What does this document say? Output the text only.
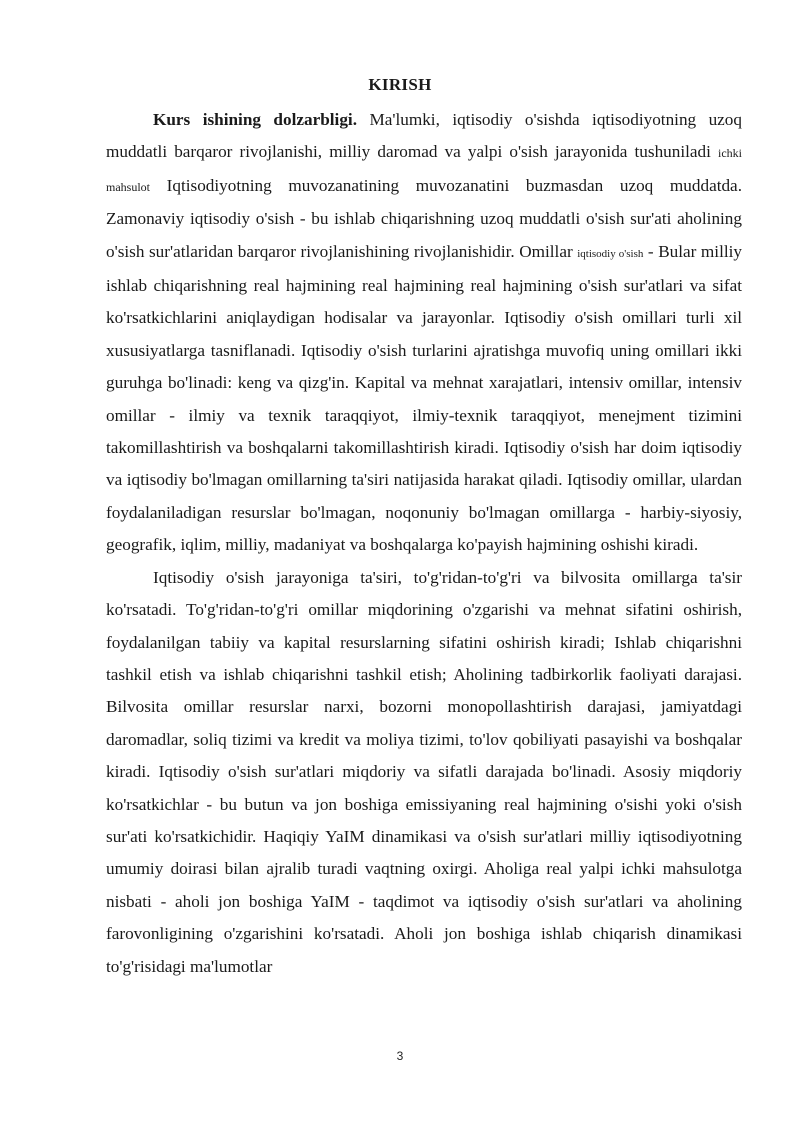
KIRISH

Kurs ishining dolzarbligi. Ma'lumki, iqtisodiy o'sishda iqtisodiyotning uzoq muddatli barqaror rivojlanishi, milliy daromad va yalpi o'sish jarayonida tushuniladi ichki mahsulot Iqtisodiyotning muvozanatining muvozanatini buzmasdan uzoq muddatda. Zamonaviy iqtisodiy o'sish - bu ishlab chiqarishning uzoq muddatli o'sish sur'ati aholining o'sish sur'atlaridan barqaror rivojlanishining rivojlanishidir. Omillar iqtisodiy o'sish - Bular milliy ishlab chiqarishning real hajmining real hajmining real hajmining o'sish sur'atlari va sifat ko'rsatkichlarini aniqlaydigan hodisalar va jarayonlar. Iqtisodiy o'sish omillari turli xil xususiyatlarga tasniflanadi. Iqtisodiy o'sish turlarini ajratishga muvofiq uning omillari ikki guruhga bo'linadi: keng va qizg'in. Kapital va mehnat xarajatlari, intensiv omillar, intensiv omillar - ilmiy va texnik taraqqiyot, ilmiy-texnik taraqqiyot, menejment tizimini takomillashtirish va boshqalarni takomillashtirish kiradi. Iqtisodiy o'sish har doim iqtisodiy va iqtisodiy bo'lmagan omillarning ta'siri natijasida harakat qiladi. Iqtisodiy omillar, ulardan foydalaniladigan resurslar bo'lmagan, noqonuniy bo'lmagan omillarga - harbiy-siyosiy, geografik, iqlim, milliy, madaniyat va boshqalarga ko'payish hajmining oshishi kiradi.

Iqtisodiy o'sish jarayoniga ta'siri, to'g'ridan-to'g'ri va bilvosita omillarga ta'sir ko'rsatadi. To'g'ridan-to'g'ri omillar miqdorining o'zgarishi va mehnat sifatini oshirish, foydalanilgan tabiiy va kapital resurslarning sifatini oshirish kiradi; Ishlab chiqarishni tashkil etish va ishlab chiqarishni tashkil etish; Aholining tadbirkorlik faoliyati darajasi. Bilvosita omillar resurslar narxi, bozorni monopollashtirish darajasi, jamiyatdagi daromadlar, soliq tizimi va kredit va moliya tizimi, to'lov qobiliyati pasayishi va boshqalar kiradi. Iqtisodiy o'sish sur'atlari miqdoriy va sifatli darajada bo'linadi. Asosiy miqdoriy ko'rsatkichlar - bu butun va jon boshiga emissiyaning real hajmining o'sishi yoki o'sish sur'ati ko'rsatkichidir. Haqiqiy YaIM dinamikasi va o'sish sur'atlari milliy iqtisodiyotning umumiy doirasi bilan ajralib turadi vaqtning oxirgi. Aholiga real yalpi ichki mahsulotga nisbati - aholi jon boshiga YaIM - taqdimot va iqtisodiy o'sish sur'atlari va aholining farovonligining o'zgarishini ko'rsatadi. Aholi jon boshiga ishlab chiqarish dinamikasi to'g'risidagi ma'lumotlar

3
